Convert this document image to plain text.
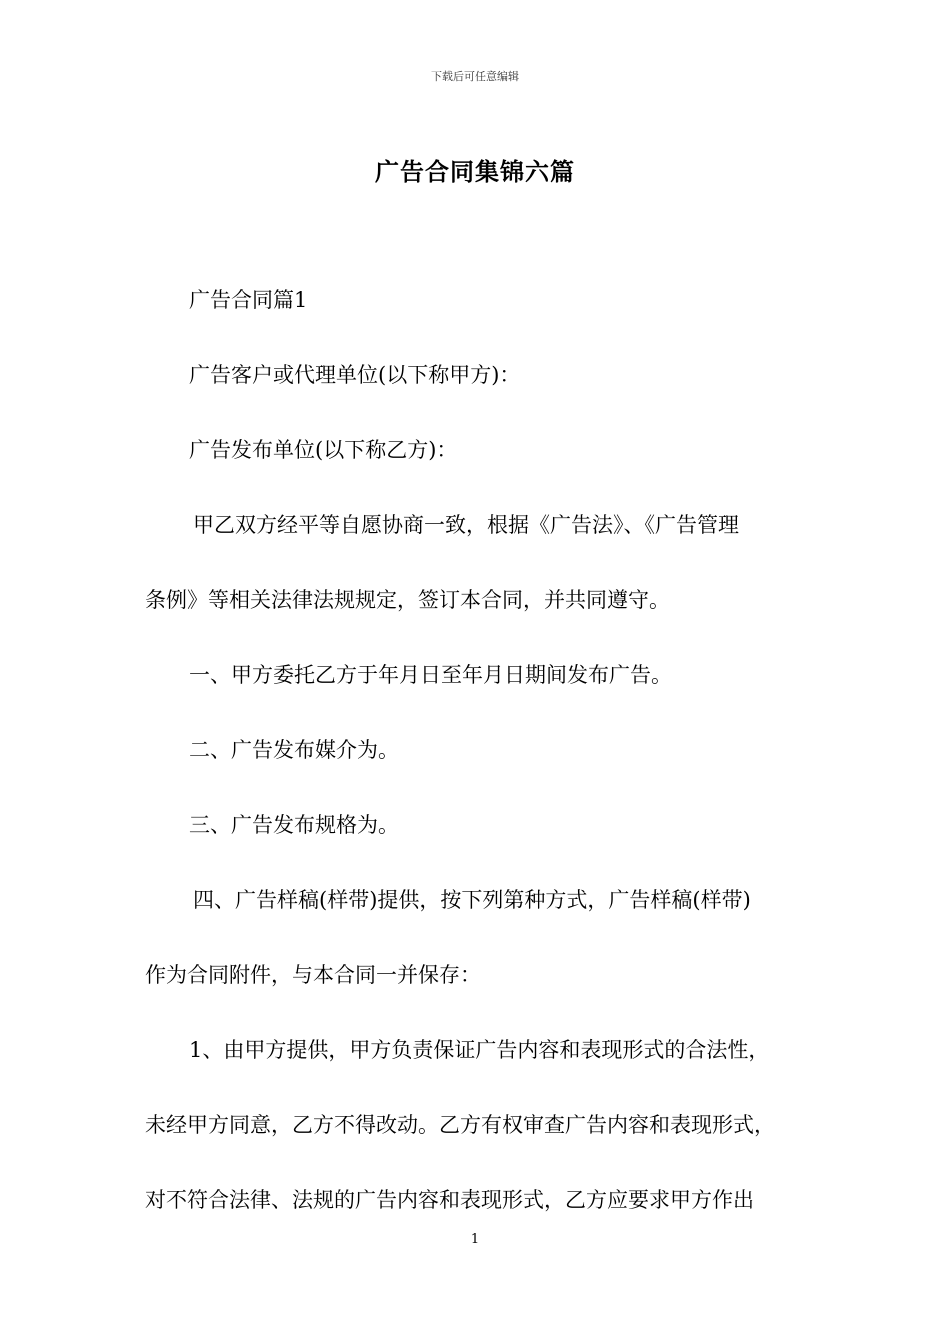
下载后可任意编辑
广告合同集锦六篇
广告合同篇1
广告客户或代理单位(以下称甲方)：
广告发布单位(以下称乙方)：
甲乙双方经平等自愿协商一致，根据《广告法》、《广告管理
条例》等相关法律法规规定，签订本合同，并共同遵守。
一、甲方委托乙方于年月日至年月日期间发布广告。
二、广告发布媒介为。
三、广告发布规格为。
四、广告样稿(样带)提供，按下列第种方式，广告样稿(样带)
作为合同附件，与本合同一并保存：
1、由甲方提供，甲方负责保证广告内容和表现形式的合法性，
未经甲方同意，乙方不得改动。乙方有权审查广告内容和表现形式，
对不符合法律、法规的广告内容和表现形式，乙方应要求甲方作出
1
